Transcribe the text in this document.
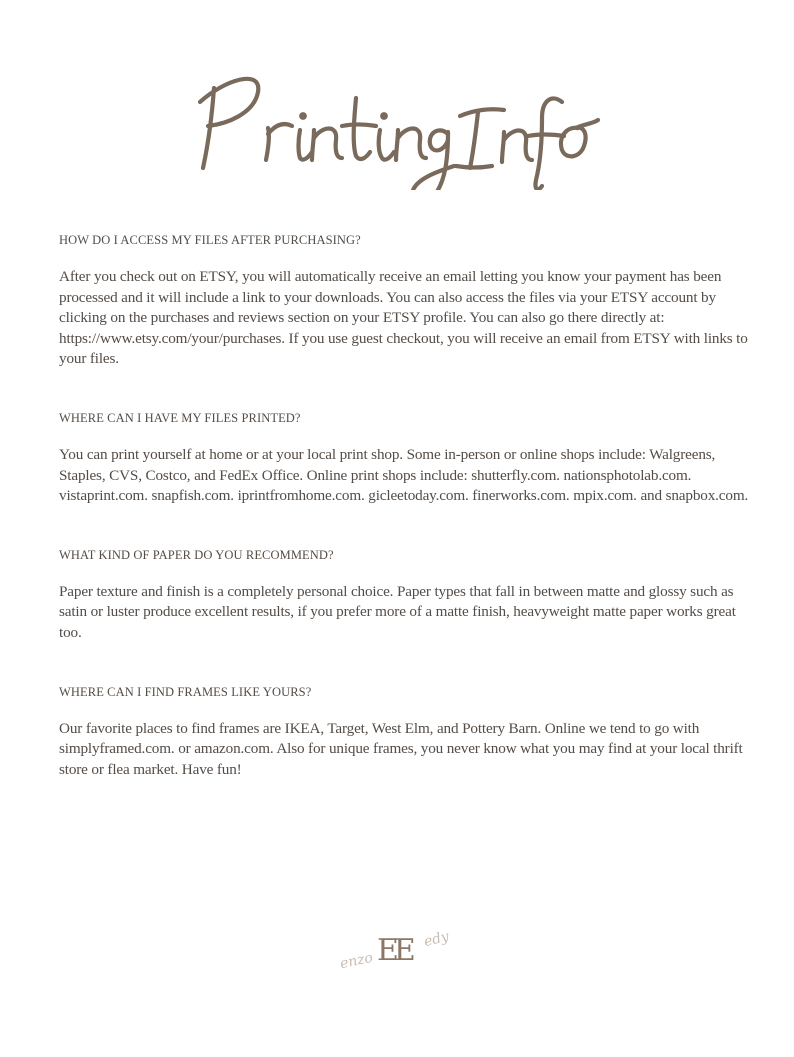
HOW DO I ACCESS MY FILES AFTER PURCHASING?

After you check out on ETSY, you will automatically receive an email letting you know your payment has been processed and it will include a link to your downloads. You can also access the files via your ETSY account by clicking on the purchases and reviews section on your ETSY profile. You can also go there directly at: https://www.etsy.com/your/purchases. If you use guest checkout, you will receive an email from ETSY with links to your files.

WHERE CAN I HAVE MY FILES PRINTED?

You can print yourself at home or at your local print shop. Some in-person or online shops include: Walgreens, Staples, CVS, Costco, and FedEx Office. Online print shops include: shutterfly.com. nationsphotolab.com. vistaprint.com. snapfish.com. iprintfromhome.com. gicleetoday.com. finerworks.com. mpix.com. and snapbox.com.

WHAT KIND OF PAPER DO YOU RECOMMEND?

Paper texture and finish is a completely personal choice. Paper types that fall in between matte and glossy such as satin or luster produce excellent results, if you prefer more of a matte finish, heavyweight matte paper works great too.

WHERE CAN I FIND FRAMES LIKE YOURS?

Our favorite places to find frames are IKEA, Target, West Elm, and Pottery Barn. Online we tend to go with simplyframed.com. or amazon.com. Also for unique frames, you never know what you may find at your local thrift store or flea market. Have fun!

enzo EE edy
